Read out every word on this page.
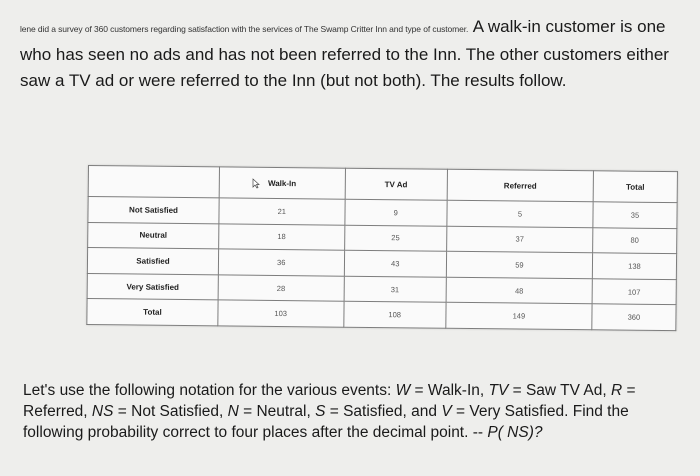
lene did a survey of 360 customers regarding satisfaction with the services of The Swamp Critter Inn and type of customer. A walk-in customer is one who has seen no ads and has not been referred to the Inn. The other customers either saw a TV ad or were referred to the Inn (but not both). The results follow.
	Walk-In	TV Ad	Referred	Total
Not Satisfied	21	9	5	35
Neutral	18	25	37	80
Satisfied	36	43	59	138
Very Satisfied	28	31	48	107
Total	103	108	149	360
Let's use the following notation for the various events: W = Walk-In, TV = Saw TV Ad, R = Referred, NS = Not Satisfied, N = Neutral, S = Satisfied, and V = Very Satisfied. Find the following probability correct to four places after the decimal point. -- P( NS)?
